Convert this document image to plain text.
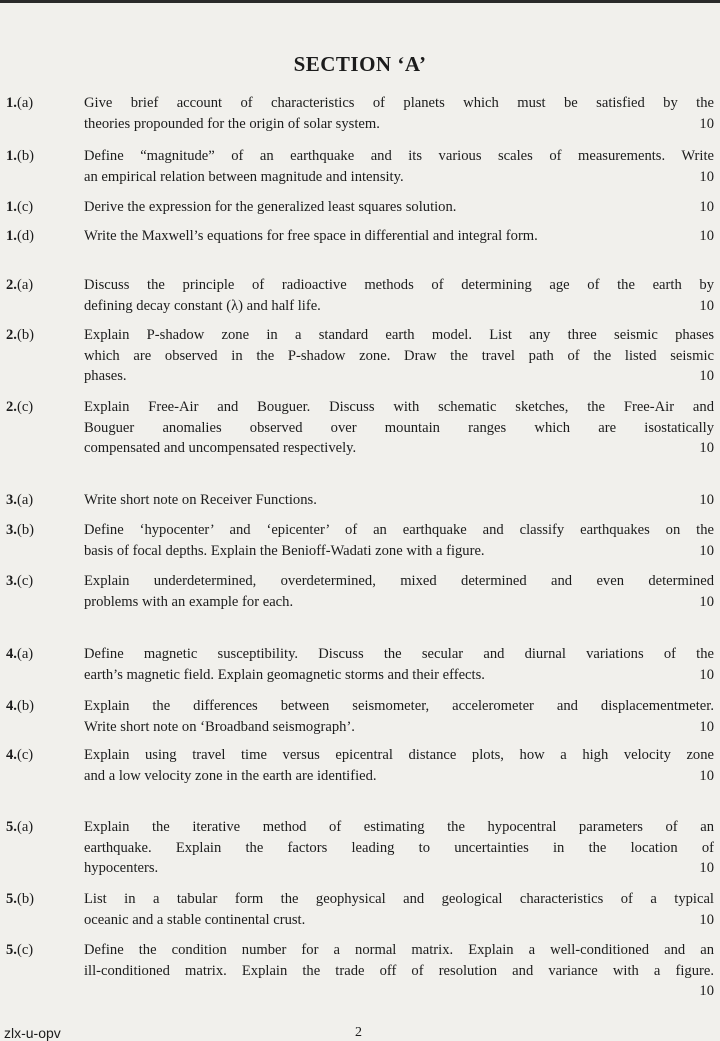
SECTION ‘A’
1.(a)	Give brief account of characteristics of planets which must be satisfied by the
theories propounded for the origin of solar system.	10
1.(b)	Define “magnitude” of an earthquake and its various scales of measurements. Write
an empirical relation between magnitude and intensity.	10
1.(c)	Derive the expression for the generalized least squares solution.	10
1.(d)	Write the Maxwell’s equations for free space in differential and integral form.	10
2.(a)	Discuss the principle of radioactive methods of determining age of the earth by
defining decay constant (λ) and half life.	10
2.(b)	Explain P-shadow zone in a standard earth model. List any three seismic phases
which are observed in the P-shadow zone. Draw the travel path of the listed seismic
phases.	10
2.(c)	Explain Free-Air and Bouguer. Discuss with schematic sketches, the Free-Air and
Bouguer anomalies observed over mountain ranges which are isostatically
compensated and uncompensated respectively.	10
3.(a)	Write short note on Receiver Functions.	10
3.(b)	Define ‘hypocenter’ and ‘epicenter’ of an earthquake and classify earthquakes on the
basis of focal depths. Explain the Benioff-Wadati zone with a figure.	10
3.(c)	Explain underdetermined, overdetermined, mixed determined and even determined
problems with an example for each.	10
4.(a)	Define magnetic susceptibility. Discuss the secular and diurnal variations of the
earth’s magnetic field. Explain geomagnetic storms and their effects.	10
4.(b)	Explain the differences between seismometer, accelerometer and displacementmeter.
Write short note on ‘Broadband seismograph’.	10
4.(c)	Explain using travel time versus epicentral distance plots, how a high velocity zone
and a low velocity zone in the earth are identified.	10
5.(a)	Explain the iterative method of estimating the hypocentral parameters of an
earthquake. Explain the factors leading to uncertainties in the location of
hypocenters.	10
5.(b)	List in a tabular form the geophysical and geological characteristics of a typical
oceanic and a stable continental crust.	10
5.(c)	Define the condition number for a normal matrix. Explain a well-conditioned and an
ill-conditioned matrix. Explain the trade off of resolution and variance with a figure.
10
zlx-u-opv	2
